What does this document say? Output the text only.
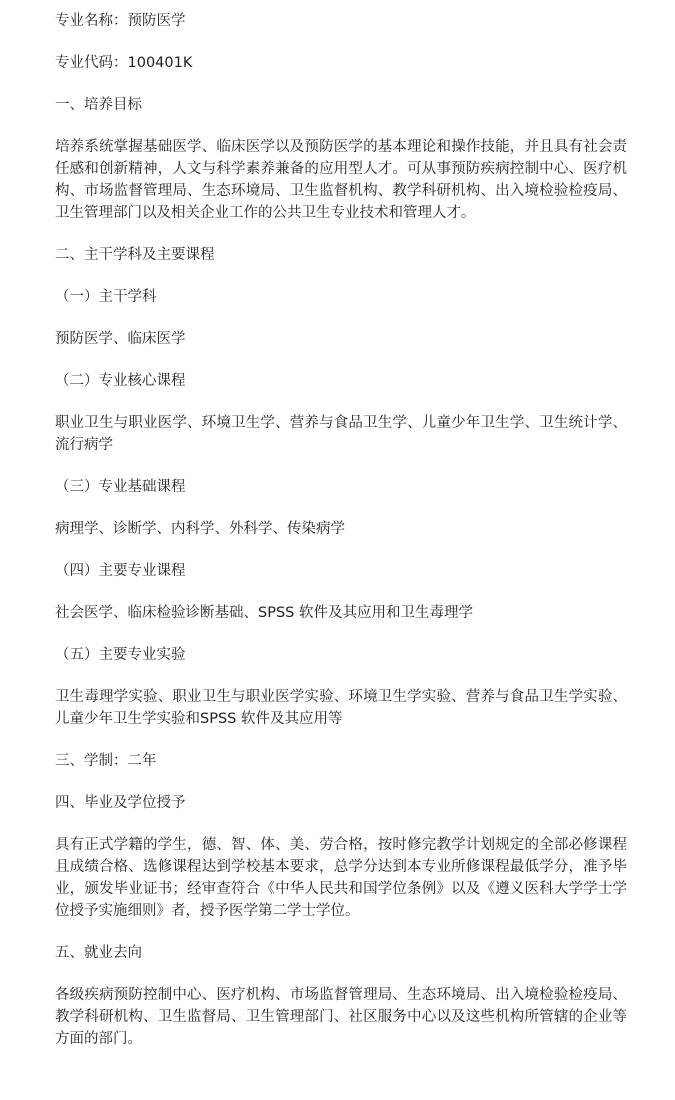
专业名称：预防医学

专业代码：100401K

一、培养目标

培养系统掌握基础医学、临床医学以及预防医学的基本理论和操作技能，并且具有社会责任感和创新精神，人文与科学素养兼备的应用型人才。可从事预防疾病控制中心、医疗机构、市场监督管理局、生态环境局、卫生监督机构、教学科研机构、出入境检验检疫局、卫生管理部门以及相关企业工作的公共卫生专业技术和管理人才。

二、主干学科及主要课程

（一）主干学科

预防医学、临床医学

（二）专业核心课程

职业卫生与职业医学、环境卫生学、营养与食品卫生学、儿童少年卫生学、卫生统计学、流行病学

（三）专业基础课程

病理学、诊断学、内科学、外科学、传染病学

（四）主要专业课程

社会医学、临床检验诊断基础、SPSS 软件及其应用和卫生毒理学

（五）主要专业实验

卫生毒理学实验、职业卫生与职业医学实验、环境卫生学实验、营养与食品卫生学实验、儿童少年卫生学实验和SPSS 软件及其应用等

三、学制：二年

四、毕业及学位授予

具有正式学籍的学生，德、智、体、美、劳合格，按时修完教学计划规定的全部必修课程且成绩合格、选修课程达到学校基本要求，总学分达到本专业所修课程最低学分，准予毕业，颁发毕业证书；经审查符合《中华人民共和国学位条例》以及《遵义医科大学学士学位授予实施细则》者，授予医学第二学士学位。

五、就业去向

各级疾病预防控制中心、医疗机构、市场监督管理局、生态环境局、出入境检验检疫局、教学科研机构、卫生监督局、卫生管理部门、社区服务中心以及这些机构所管辖的企业等方面的部门。
